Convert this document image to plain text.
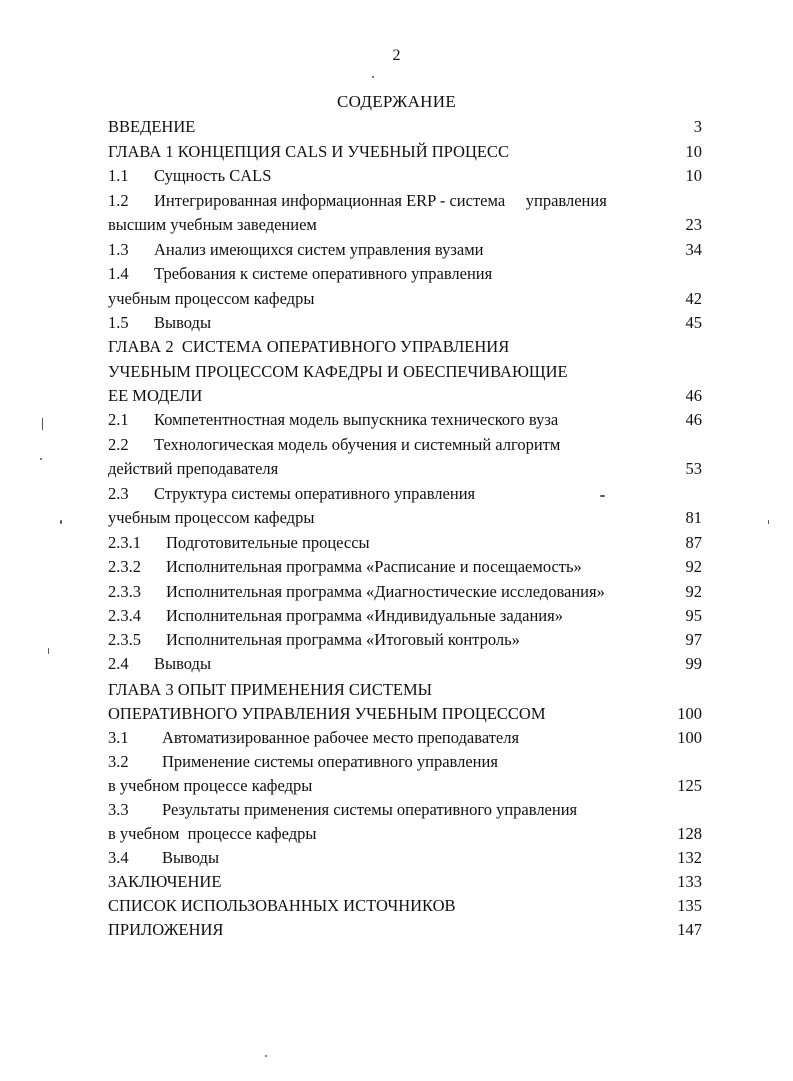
2
СОДЕРЖАНИЕ
ВВЕДЕНИЕ	3
ГЛАВА 1 КОНЦЕПЦИЯ CALS И УЧЕБНЫЙ ПРОЦЕСС	10
1.1 Сущность CALS	10
1.2 Интегрированная информационная ERP - система     управления
высшим учебным заведением	23
1.3 Анализ имеющихся систем управления вузами	34
1.4 Требования к системе оперативного управления
учебным процессом кафедры	42
1.5 Выводы	45
ГЛАВА 2  СИСТЕМА ОПЕРАТИВНОГО УПРАВЛЕНИЯ
УЧЕБНЫМ ПРОЦЕССОМ КАФЕДРЫ И ОБЕСПЕЧИВАЮЩИЕ
ЕЕ МОДЕЛИ	46
2.1 Компетентностная модель выпускника технического вуза	46
2.2 Технологическая модель обучения и системный алгоритм
действий преподавателя	53
2.3 Структура системы оперативного управления
учебным процессом кафедры	81
2.3.1 Подготовительные процессы	87
2.3.2 Исполнительная программа «Расписание и посещаемость»	92
2.3.3 Исполнительная программа «Диагностические исследования»	92
2.3.4 Исполнительная программа «Индивидуальные задания»	95
2.3.5 Исполнительная программа «Итоговый контроль»	97
2.4 Выводы	99
ГЛАВА 3 ОПЫТ ПРИМЕНЕНИЯ СИСТЕМЫ
ОПЕРАТИВНОГО УПРАВЛЕНИЯ УЧЕБНЫМ ПРОЦЕССОМ	100
3.1 Автоматизированное рабочее место преподавателя	100
3.2 Применение системы оперативного управления
в учебном процессе кафедры	125
3.3 Результаты применения системы оперативного управления
в учебном  процессе кафедры	128
3.4 Выводы	132
ЗАКЛЮЧЕНИЕ	133
СПИСОК ИСПОЛЬЗОВАННЫХ ИСТОЧНИКОВ	135
ПРИЛОЖЕНИЯ	147
